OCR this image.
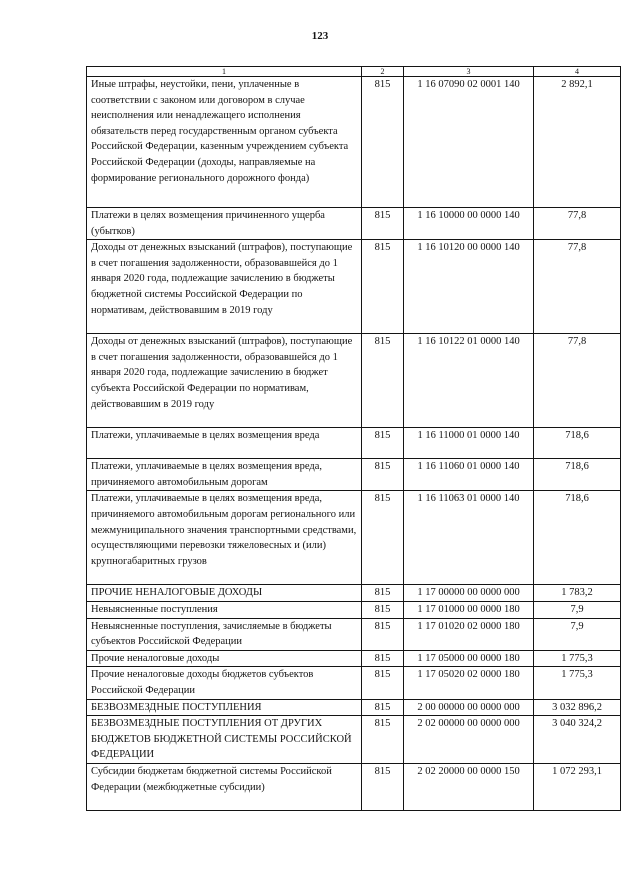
123
1	2	3	4
Иные штрафы, неустойки, пени, уплаченные в соответствии с законом или договором в случае неисполнения или ненадлежащего исполнения обязательств перед государственным органом субъекта Российской Федерации, казенным учреждением субъекта Российской Федерации (доходы, направляемые на формирование регионального дорожного фонда)	815	1 16 07090 02 0001 140	2 892,1
Платежи в целях возмещения причиненного ущерба (убытков)	815	1 16 10000 00 0000 140	77,8
Доходы от денежных взысканий (штрафов), поступающие в счет погашения задолженности, образовавшейся до 1 января 2020 года, подлежащие зачислению в бюджеты бюджетной системы Российской Федерации по нормативам, действовавшим в 2019 году	815	1 16 10120 00 0000 140	77,8
Доходы от денежных взысканий (штрафов), поступающие в счет погашения задолженности, образовавшейся до 1 января 2020 года, подлежащие зачислению в бюджет субъекта Российской Федерации по нормативам, действовавшим в 2019 году	815	1 16 10122 01 0000 140	77,8
Платежи, уплачиваемые в целях возмещения вреда	815	1 16 11000 01 0000 140	718,6
Платежи, уплачиваемые в целях возмещения вреда, причиняемого автомобильным дорогам	815	1 16 11060 01 0000 140	718,6
Платежи, уплачиваемые в целях возмещения вреда, причиняемого автомобильным дорогам регионального или межмуниципального значения транспортными средствами, осуществляющими перевозки тяжеловесных и (или) крупногабаритных грузов	815	1 16 11063 01 0000 140	718,6
ПРОЧИЕ НЕНАЛОГОВЫЕ ДОХОДЫ	815	1 17 00000 00 0000 000	1 783,2
Невыясненные поступления	815	1 17 01000 00 0000 180	7,9
Невыясненные поступления, зачисляемые в бюджеты субъектов Российской Федерации	815	1 17 01020 02 0000 180	7,9
Прочие неналоговые доходы	815	1 17 05000 00 0000 180	1 775,3
Прочие неналоговые доходы бюджетов субъектов Российской Федерации	815	1 17 05020 02 0000 180	1 775,3
БЕЗВОЗМЕЗДНЫЕ ПОСТУПЛЕНИЯ	815	2 00 00000 00 0000 000	3 032 896,2
БЕЗВОЗМЕЗДНЫЕ ПОСТУПЛЕНИЯ ОТ ДРУГИХ БЮДЖЕТОВ БЮДЖЕТНОЙ СИСТЕМЫ РОССИЙСКОЙ ФЕДЕРАЦИИ	815	2 02 00000 00 0000 000	3 040 324,2
Субсидии бюджетам бюджетной системы Российской Федерации (межбюджетные субсидии)	815	2 02 20000 00 0000 150	1 072 293,1
